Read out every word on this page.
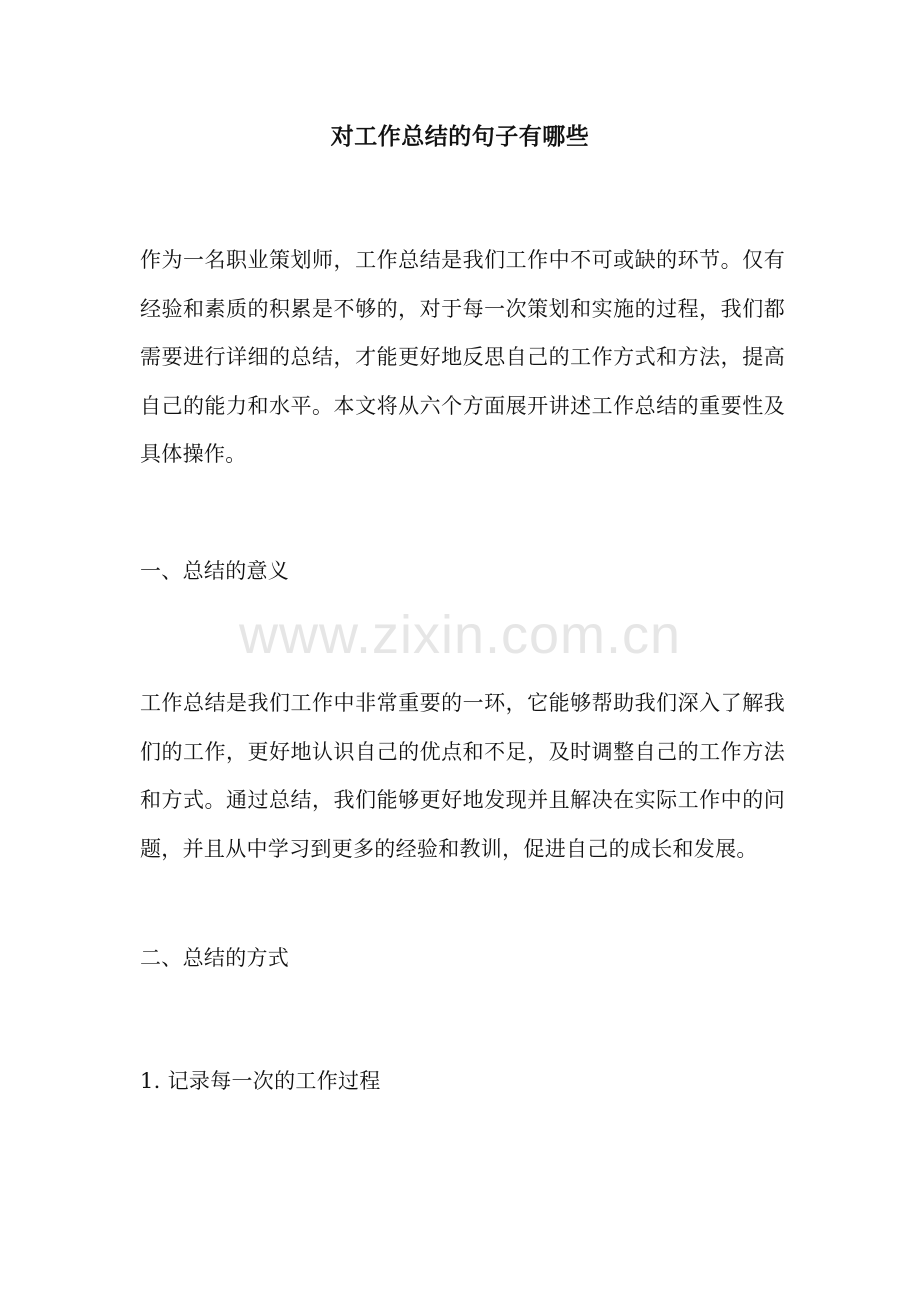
www.zixin.com.cn
对工作总结的句子有哪些
作为一名职业策划师，工作总结是我们工作中不可或缺的环节。仅有经验和素质的积累是不够的，对于每一次策划和实施的过程，我们都需要进行详细的总结，才能更好地反思自己的工作方式和方法，提高自己的能力和水平。本文将从六个方面展开讲述工作总结的重要性及具体操作。
一、总结的意义
工作总结是我们工作中非常重要的一环，它能够帮助我们深入了解我们的工作，更好地认识自己的优点和不足，及时调整自己的工作方法和方式。通过总结，我们能够更好地发现并且解决在实际工作中的问题，并且从中学习到更多的经验和教训，促进自己的成长和发展。
二、总结的方式
1. 记录每一次的工作过程
